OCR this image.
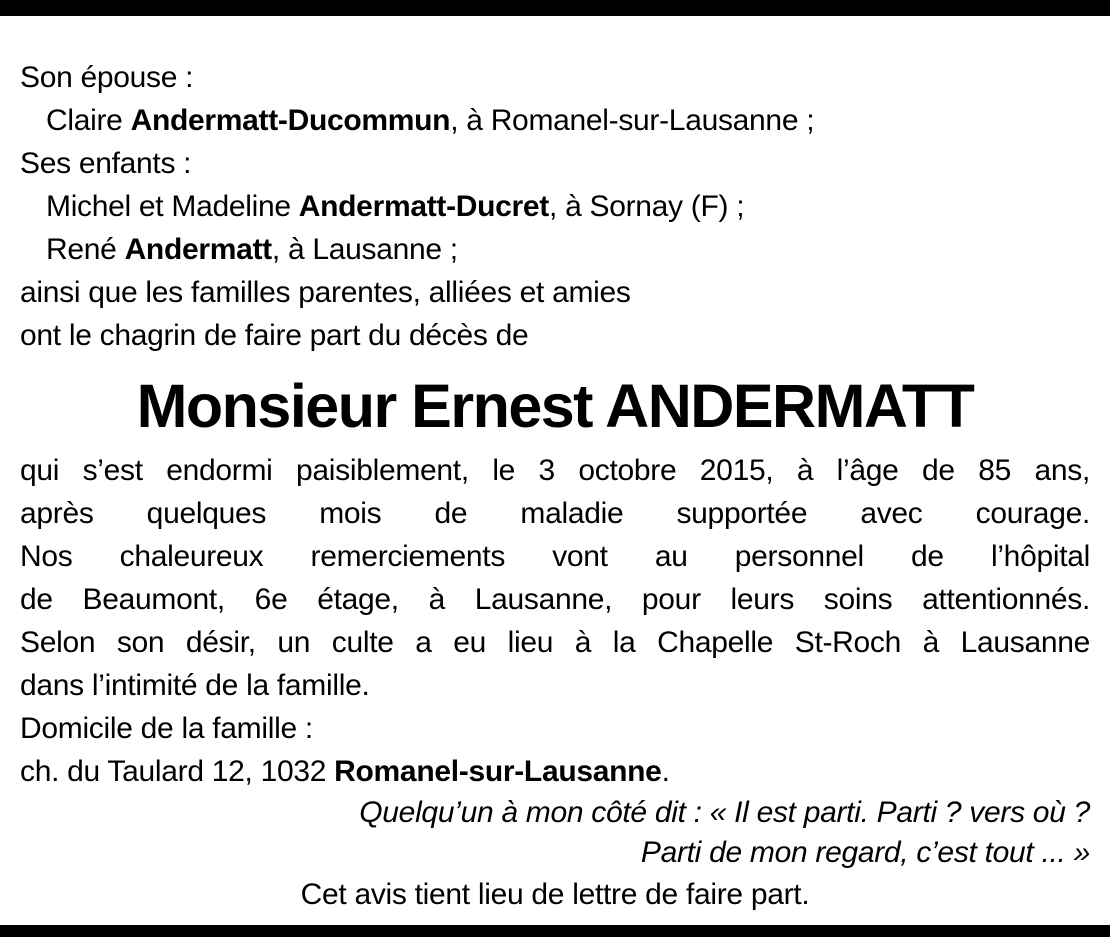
Son épouse :
Claire Andermatt-Ducommun, à Romanel-sur-Lausanne ;
Ses enfants :
Michel et Madeline Andermatt-Ducret, à Sornay (F) ;
René Andermatt, à Lausanne ;
ainsi que les familles parentes, alliées et amies
ont le chagrin de faire part du décès de
Monsieur Ernest ANDERMATT
qui s’est endormi paisiblement, le 3 octobre 2015, à l’âge de 85 ans,
après quelques mois de maladie supportée avec courage.
Nos chaleureux remerciements vont au personnel de l’hôpital
de Beaumont, 6e étage, à Lausanne, pour leurs soins attentionnés.
Selon son désir, un culte a eu lieu à la Chapelle St-Roch à Lausanne
dans l’intimité de la famille.
Domicile de la famille :
ch. du Taulard 12, 1032 Romanel-sur-Lausanne.
Quelqu’un à mon côté dit : « Il est parti. Parti ? vers où ?
Parti de mon regard, c’est tout ... »
Cet avis tient lieu de lettre de faire part.
